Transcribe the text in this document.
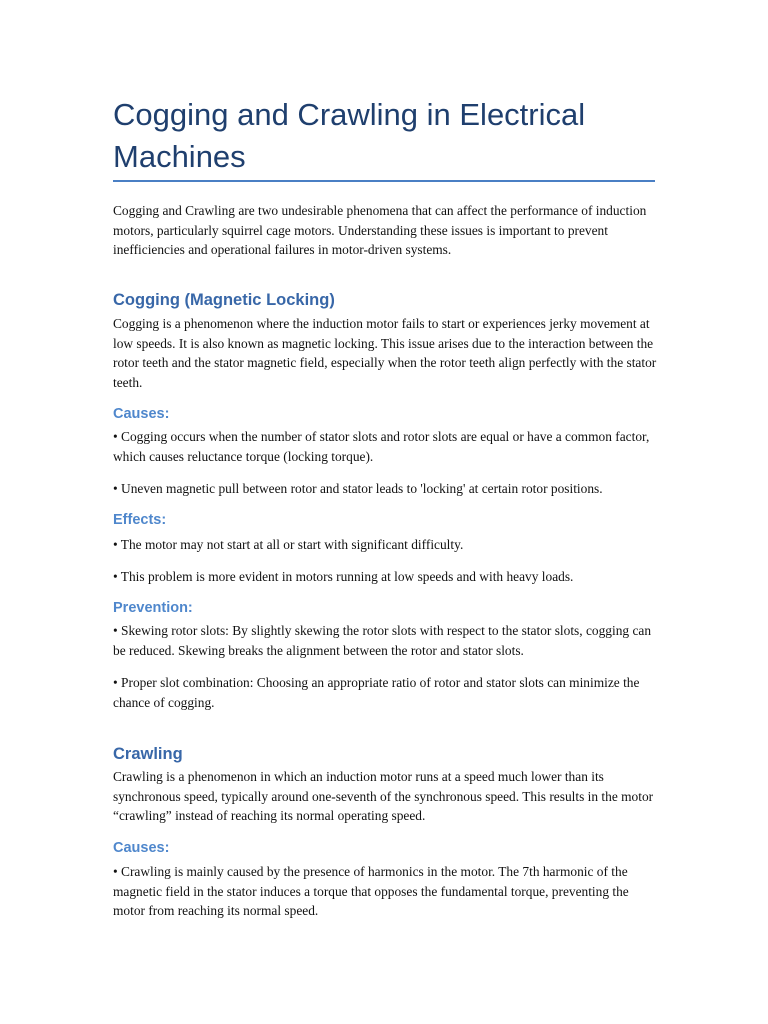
Cogging and Crawling in Electrical Machines

Cogging and Crawling are two undesirable phenomena that can affect the performance of induction motors, particularly squirrel cage motors. Understanding these issues is important to prevent inefficiencies and operational failures in motor-driven systems.

Cogging (Magnetic Locking)

Cogging is a phenomenon where the induction motor fails to start or experiences jerky movement at low speeds. It is also known as magnetic locking. This issue arises due to the interaction between the rotor teeth and the stator magnetic field, especially when the rotor teeth align perfectly with the stator teeth.

Causes:

• Cogging occurs when the number of stator slots and rotor slots are equal or have a common factor, which causes reluctance torque (locking torque).

• Uneven magnetic pull between rotor and stator leads to 'locking' at certain rotor positions.

Effects:

• The motor may not start at all or start with significant difficulty.

• This problem is more evident in motors running at low speeds and with heavy loads.

Prevention:

• Skewing rotor slots: By slightly skewing the rotor slots with respect to the stator slots, cogging can be reduced. Skewing breaks the alignment between the rotor and stator slots.

• Proper slot combination: Choosing an appropriate ratio of rotor and stator slots can minimize the chance of cogging.

Crawling

Crawling is a phenomenon in which an induction motor runs at a speed much lower than its synchronous speed, typically around one-seventh of the synchronous speed. This results in the motor “crawling” instead of reaching its normal operating speed.

Causes:

• Crawling is mainly caused by the presence of harmonics in the motor. The 7th harmonic of the magnetic field in the stator induces a torque that opposes the fundamental torque, preventing the motor from reaching its normal speed.
